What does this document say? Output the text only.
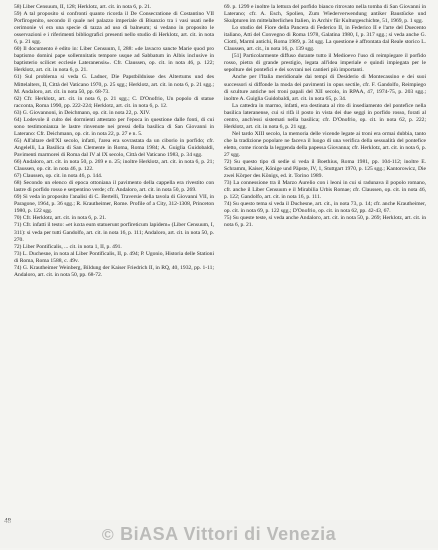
58) Liber Censuum, II, 128; Herklotz, art. cit. in nota 6, p. 21.

59) A tal proposito si confronti quanto ricorda il De Consecratione di Costantino VII Porfirogenito, secondo il quale nel palazzo imperiale di Bisanzio tra i vasi usati nelle cerimonie vi era una specie di tazza ad uso di balneum; si vedano in proposito le osservazioni e i riferimenti bibliografici presenti nello studio di Herklotz, art. cit. in nota 6, p. 21 sgg.

60) Il documento è edito in: Liber Censuum, I, 288: «de lavacro sancte Marie quod pro baptismo domini pape sollemnitatis tempore usque ad Sabbatum in Albis inclusive in baptisterio scilicet ecclesie Lateranensis». Cfr. Claussen, op. cit. in nota 46, p. 122; Herklotz, art. cit. in nota 6, p. 21.

61) Sul problema si veda G. Ladner, Die Papstbildnisse des Altertums und des Mittelalters, II, Città del Vaticano 1970, p. 25 sgg.; Herklotz, art. cit. in nota 6, p. 21 sgg.; M. Andaloro, art. cit. in nota 50, pp. 68-73.

62) Cfr. Herklotz, art. cit. in nota 6, p. 21 sgg.; C. D'Onofrio, Un popolo di statue racconta, Roma 1990, pp. 222-224; Herklotz, art. cit. in nota 6, p. 12.

63) G. Giovannoni, in Deichmann, op. cit. in nota 22, p. XIV.

64) Lodevole il culto dei dormienti attestato per l'epoca in questione dalle fonti, di cui sono testimonianza le lastre rinvenute nei pressi della basilica di San Giovanni in Laterano: Cfr. Deichmann, op. cit. in nota 22, p. 27 e n. 5.

65) All'altare dell'XI secolo, infatti, l'area era sovrastata da un ciborio in porfido; cfr. Angelelli, La Basilica di San Clemente in Roma, Roma 1984; A. Guiglia Guidobaldi, Pavimenti marmorei di Roma dal IV al IX secolo, Città del Vaticano 1983, p. 34 sgg.

66) Andaloro, art. cit. in nota 50, p. 269 e n. 25; inoltre Herklotz, art. cit. in nota 6, p. 21; Claussen, op. cit. in nota 46, p. 122.

67) Claussen, op. cit. in nota 46, p. 144.

68) Secondo un elenco di epoca ottoniana il pavimento della cappella era rivestito con lastre di porfido rosso e serpentino verde; cfr. Andaloro, art. cit. in nota 50, p. 269.

69) Si veda in proposito l'analisi di C. Bertelli, Traversie della tavola di Giovanni VII, in Paragone, 1964, p. 36 sgg.; R. Krautheimer, Rome. Profile of a City, 312-1308, Princeton 1980, p. 122 sgg.

70) Cfr. Herklotz, art. cit. in nota 6, p. 21.

71) Cfr. infatti il testo: «et iuxta eum statuerunt porfireticum lapidem» (Liber Censuum, I, 311): si veda per tutti Gandolfo, art. cit. in nota 16, p. 111; Andaloro, art. cit. in nota 50, p. 270.

72) Liber Pontificalis, ... cit. in nota 1, II, p. 491.

73) L. Duchesne, in nota al Liber Pontificalis, II, p. 494; P. Ugonio, Historia delle Stationi di Roma, Roma 1588, c. 49v.

74) G. Krautheimer Weinberg, Bildung der Kaiser Friedrich II, in RQ, 40, 1932, pp. 1-11; Andaloro, art. cit. in nota 50, pp. 68-72.

69. p. 1299 e inoltre la lettura del porfido bianco ritrovato nella tomba di San Giovanni in Laterano; cfr. A. Esch, Spolien, Zum Wiederverwendung antiker Baustücke und Skulpturen im mittelalterlichen Italien, in Archiv für Kulturgeschichte, 51, 1969, p. 1 sgg.

Lo studio del Fiore della Pancera di Federico II, in Federico II e l'arte del Duecento italiano, Atti del Convegno di Roma 1978, Galatina 1980, I, p. 317 sgg.; si veda anche G. Ciotti, Marmi antichi, Roma 1989, p. 34 sgg. La questione è affrontata dal Reale storico L. Claussen, art. cit., in nota 16, p. 139 sgg.

[51] Particolarmente diffuso durante tutto il Medioevo l'uso di reimpiegare il porfido rosso, pietra di grande prestigio, legata all'idea imperiale e quindi impiegata per le sepolture dei pontefici e dei sovrani nei cantieri più importanti.

Anche per l'Italia meridionale dai tempi di Desiderio di Montecassino e dei suoi successori si diffonde la moda dei pavimenti in opus sectile, cfr. F. Gandolfo, Reimpiego di sculture antiche nei troni papali del XII secolo, in RPAA, 47, 1974-75, p. 203 sgg.; inoltre A. Guiglia Guidobaldi, art. cit. in nota 65, p. 34.

La cattedra in marmo, infatti, era destinata al rito di insediamento del pontefice nella basilica lateranense, cui si rifà il posto in vista dei due seggi in porfido rosso, forati al centro, anch'essi sistemati nella basilica; cfr. D'Onofrio, op. cit. in nota 62, p. 222; Herklotz, art. cit. in nota 6, p. 21 sgg.

Nel tardo XIII secolo, la memoria delle vicende legate ai troni era ormai dubbia, tanto che la tradizione popolare ne faceva il luogo di una verifica della sessualità del pontefice eletto, come ricorda la leggenda della papessa Giovanna; cfr. Herklotz, art. cit. in nota 6, p. 27 sgg.

72) Su questo tipo di sedie si veda il Boethius, Roma 1981, pp. 104-112; inoltre E. Schramm, Kaiser, Könige und Päpste, IV, 1, Stuttgart 1970, p. 125 sgg.; Kantorowicz, Die zwei Körper des Königs, ed. it. Torino 1989.

73) La connessione tra il Marzo Aurelio con i leoni in cui si radunava il popolo romano, cfr. anche il Liber Censuum e il Mirabilia Urbis Romae; cfr. Claussen, op. cit. in nota 46, p. 122; Gandolfo, art. cit. in nota 16, p. 111.

74) Su questo tema si veda il Duchesne, art. cit., in nota 73, p. 14; cfr. anche Krautheimer, op. cit. in nota 69, p. 122 sgg.; D'Onofrio, op. cit. in nota 62, pp. 42-43, 67.

75) Su queste teste, si veda anche Andaloro, art. cit. in nota 50, p. 269; Herklotz, art. cit. in nota 6, p. 21.

© BiASA Vittori di Venezia
